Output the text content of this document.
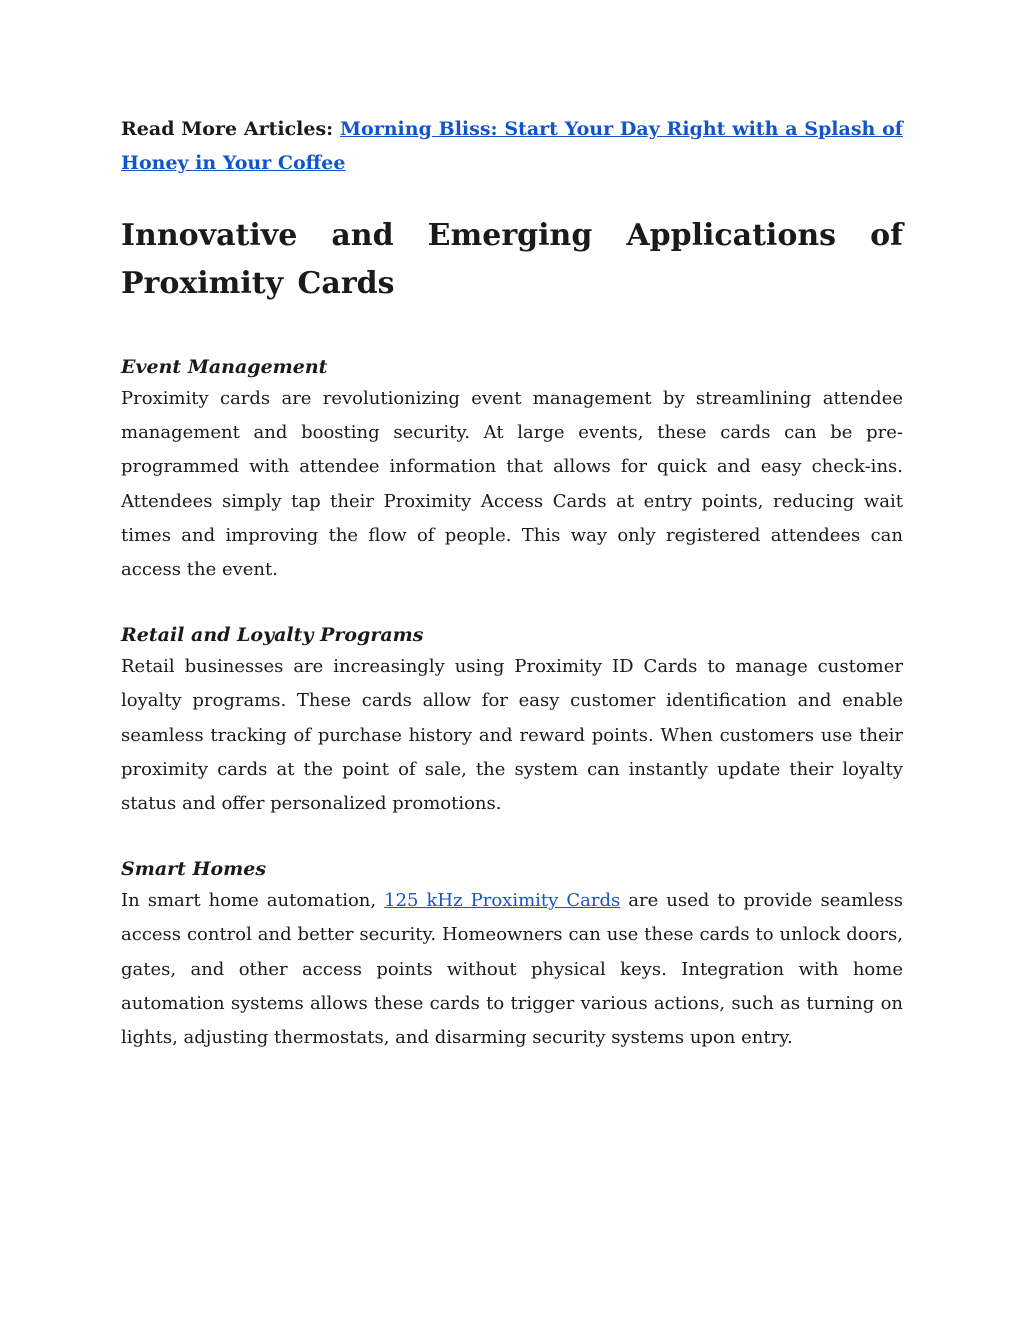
Read More Articles: Morning Bliss: Start Your Day Right with a Splash of Honey in Your Coffee

Innovative and Emerging Applications of Proximity Cards
Event Management

Proximity cards are revolutionizing event management by streamlining attendee management and boosting security. At large events, these cards can be pre-programmed with attendee information that allows for quick and easy check-ins. Attendees simply tap their Proximity Access Cards at entry points, reducing wait times and improving the flow of people. This way only registered attendees can access the event.

Retail and Loyalty Programs

Retail businesses are increasingly using Proximity ID Cards to manage customer loyalty programs. These cards allow for easy customer identification and enable seamless tracking of purchase history and reward points. When customers use their proximity cards at the point of sale, the system can instantly update their loyalty status and offer personalized promotions.

Smart Homes

In smart home automation, 125 kHz Proximity Cards are used to provide seamless access control and better security. Homeowners can use these cards to unlock doors, gates, and other access points without physical keys. Integration with home automation systems allows these cards to trigger various actions, such as turning on lights, adjusting thermostats, and disarming security systems upon entry.
